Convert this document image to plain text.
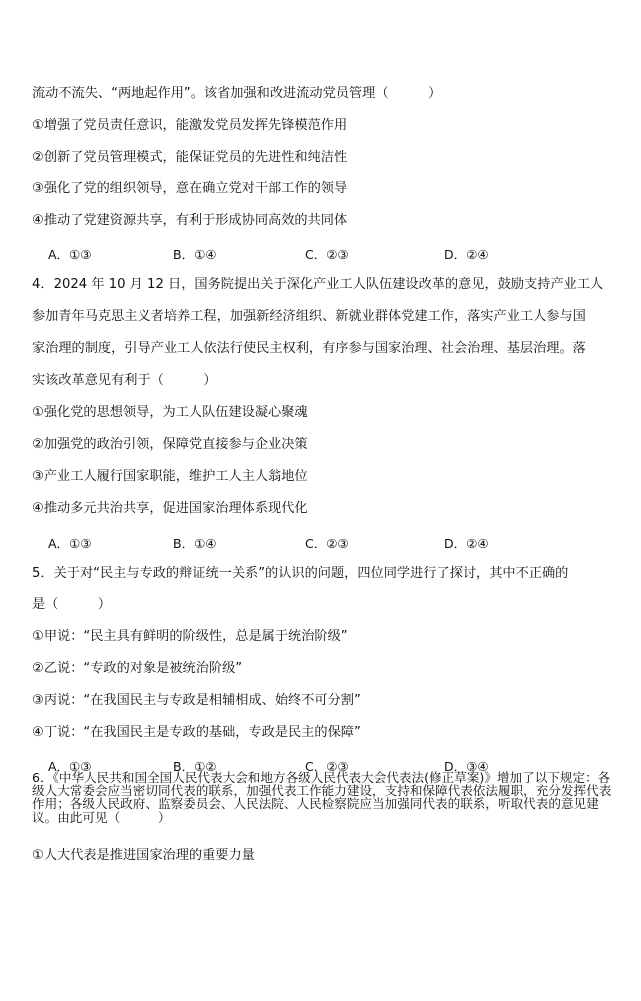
流动不流失、“两地起作用”。该省加强和改进流动党员管理（　　　）
①增强了党员责任意识，能激发党员发挥先锋模范作用
②创新了党员管理模式，能保证党员的先进性和纯洁性
③强化了党的组织领导，意在确立党对干部工作的领导
④推动了党建资源共享，有利于形成协同高效的共同体
A．①③	B．①④	C．②③	D．②④
4．2024 年 10 月 12 日，国务院提出关于深化产业工人队伍建设改革的意见，鼓励支持产业工人
参加青年马克思主义者培养工程，加强新经济组织、新就业群体党建工作，落实产业工人参与国
家治理的制度，引导产业工人依法行使民主权利，有序参与国家治理、社会治理、基层治理。落
实该改革意见有利于（　　　）
①强化党的思想领导，为工人队伍建设凝心聚魂
②加强党的政治引领，保障党直接参与企业决策
③产业工人履行国家职能，维护工人主人翁地位
④推动多元共治共享，促进国家治理体系现代化
A．①③	B．①④	C．②③	D．②④
5．关于对“民主与专政的辩证统一关系”的认识的问题，四位同学进行了探讨，其中不正确的
是（　　　）
①甲说：“民主具有鲜明的阶级性，总是属于统治阶级”
②乙说：“专政的对象是被统治阶级”
③丙说：“在我国民主与专政是相辅相成、始终不可分割”
④丁说：“在我国民主是专政的基础，专政是民主的保障”
A．①③	B．①②	C．②③	D．③④
6．《中华人民共和国全国人民代表大会和地方各级人民代表大会代表法(修正草案)》增加了以下规定：各级人大常委会应当密切同代表的联系，加强代表工作能力建设，支持和保障代表依法履职，充分发挥代表作用；各级人民政府、监察委员会、人民法院、人民检察院应当加强同代表的联系，听取代表的意见建议。由此可见（　　　）
①人大代表是推进国家治理的重要力量
